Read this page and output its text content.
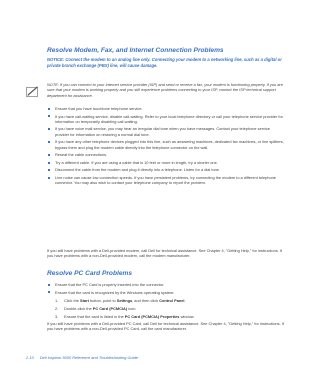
Resolve Modem, Fax, and Internet Connection Problems
NOTICE: Connect the modem to an analog line only. Connecting your modem to a networking line, such as a digital or private branch exchange (PBX) line, will cause damage.
NOTE: If you can connect to your Internet service provider (ISP) and send or receive a fax, your modem is functioning properly. If you are sure that your modem is working properly and you still experience problems connecting to your ISP, contact the ISP technical support department for assistance.
Ensure that you have touchtone telephone service.
If you have call-waiting service, disable call-waiting. Refer to your local telephone directory or call your telephone service provider for information on temporarily disabling call-waiting.
If you have voice mail service, you may hear an irregular dial tone when you have messages. Contact your telephone service provider for information on restoring a normal dial tone.
If you have any other telephone devices plugged into this line, such as answering machines, dedicated fax machines, or line splitters, bypass them and plug the modem cable directly into the telephone connector on the wall.
Reseat the cable connections.
Try a different cable. If you are using a cable that is 10 feet or more in length, try a shorter one.
Disconnect the cable from the modem and plug it directly into a telephone. Listen for a dial tone.
Line noise can cause low connection speeds. If you have persistent problems, try connecting the modem to a different telephone connector. You may also wish to contact your telephone company to report the problem.
If you still have problems with a Dell-provided modem, call Dell for technical assistance. See Chapter 4, "Getting Help," for instructions. If you have problems with a non-Dell-provided modem, call the modem manufacturer.
Resolve PC Card Problems
Ensure that the PC Card is properly inserted into the connector.
Ensure that the card is recognized by the Windows operating system:
1. Click the Start button, point to Settings, and then click Control Panel.
2. Double-click the PC Card (PCMCIA) icon.
3. Ensure that the card is listed in the PC Card (PCMCIA) Properties window.
If you still have problems with a Dell-provided PC Card, call Dell for technical assistance. See Chapter 4, "Getting Help," for instructions. If you have problems with a non-Dell-provided PC Card, call the card manufacturer.
2-10 Dell Inspiron 5000 Reference and Troubleshooting Guide
